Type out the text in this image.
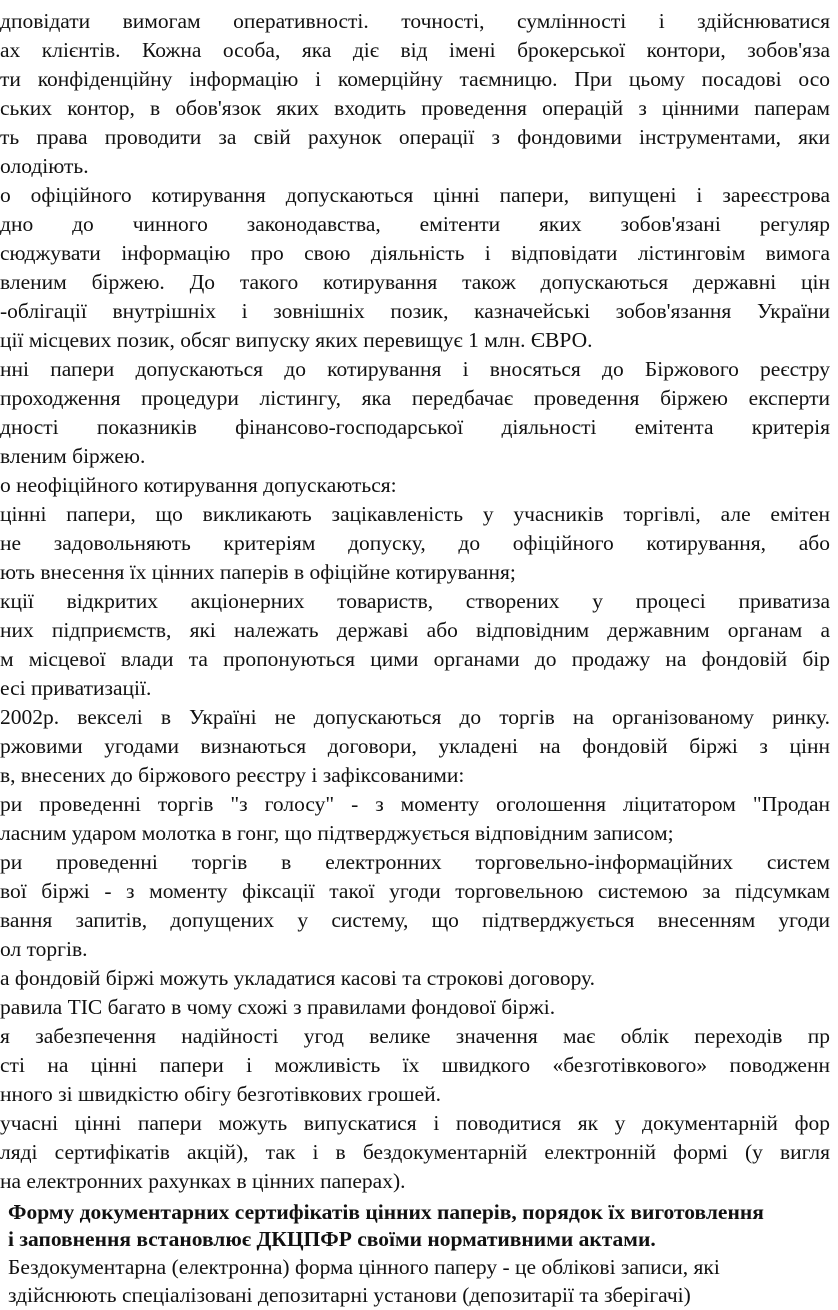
дповідати вимогам оперативності. точності, сумлінності і здійснюватися
ах клієнтів. Кожна особа, яка діє від імені брокерської контори, зобов'яза
ти конфіденційну інформацію і комерційну таємницю. При цьому посадові осо
ських контор, в обов'язок яких входить проведення операцій з цінними паперам
ть права проводити за свій рахунок операції з фондовими інструментами, яки
олодіють.
о офіційного котирування допускаються цінні папери, випущені і зареєстрова
дно до чинного законодавства, емітенти яких зобов'язані регуляр
сюджувати інформацію про свою діяльність і відповідати лістинговім вимога
вленим біржею. До такого котирування також допускаються державні цін
-облігації внутрішніх і зовнішніх позик, казначейські зобов'язання України
ції місцевих позик, обсяг випуску яких перевищує 1 млн. ЄВРО.
нні папери допускаються до котирування і вносяться до Біржового реєстру
проходження процедури лістингу, яка передбачає проведення біржею експерти
дності показників фінансово-господарської діяльності емітента критерія
вленим біржею.
о неофіційного котирування допускаються:
цінні папери, що викликають зацікавленість у учасників торгівлі, але емітен
не задовольняють критеріям допуску, до офіційного котирування, або
ють внесення їх цінних паперів в офіційне котирування;
кції відкритих акціонерних товариств, створених у процесі приватиза
них підприємств, які належать державі або відповідним державним органам а
м місцевої влади та пропонуються цими органами до продажу на фондовій бір
есі приватизації.
2002р. векселі в Україні не допускаються до торгів на організованому ринку.
ржовими угодами визнаються договори, укладені на фондовій біржі з цінн
в, внесених до біржового реєстру і зафіксованими:
ри проведенні торгів "з голосу" - з моменту оголошення ліцитатором "Продан
ласним ударом молотка в гонг, що підтверджується відповідним записом;
ри проведенні торгів в електронних торговельно-інформаційних систем
вої біржі - з моменту фіксації такої угоди торговельною системою за підсумкам
вання запитів, допущених у систему, що підтверджується внесенням угоди
ол торгів.
а фондовій біржі можуть укладатися касові та строкові договору.
равила ТІС багато в чому схожі з правилами фондової біржі.
я забезпечення надійності угод велике значення має облік переходів пр
сті на цінні папери і можливість їх швидкого «безготівкового» поводженн
нного зі швидкістю обігу безготівкових грошей.
учасні цінні папери можуть випускатися і поводитися як у документарній фор
ляді сертифікатів акцій), так і в бездокументарній електронній формі (у вигля
на електронних рахунках в цінних паперах).
Форму документарних сертифікатів цінних паперів, порядок їх виготовлення
і заповнення встановлює ДКЦПФР своїми нормативними актами.
Бездокументарна (електронна) форма цінного паперу - це облікові записи, які
здійснюють спеціалізовані депозитарні установи (депозитарії та зберігачі)
